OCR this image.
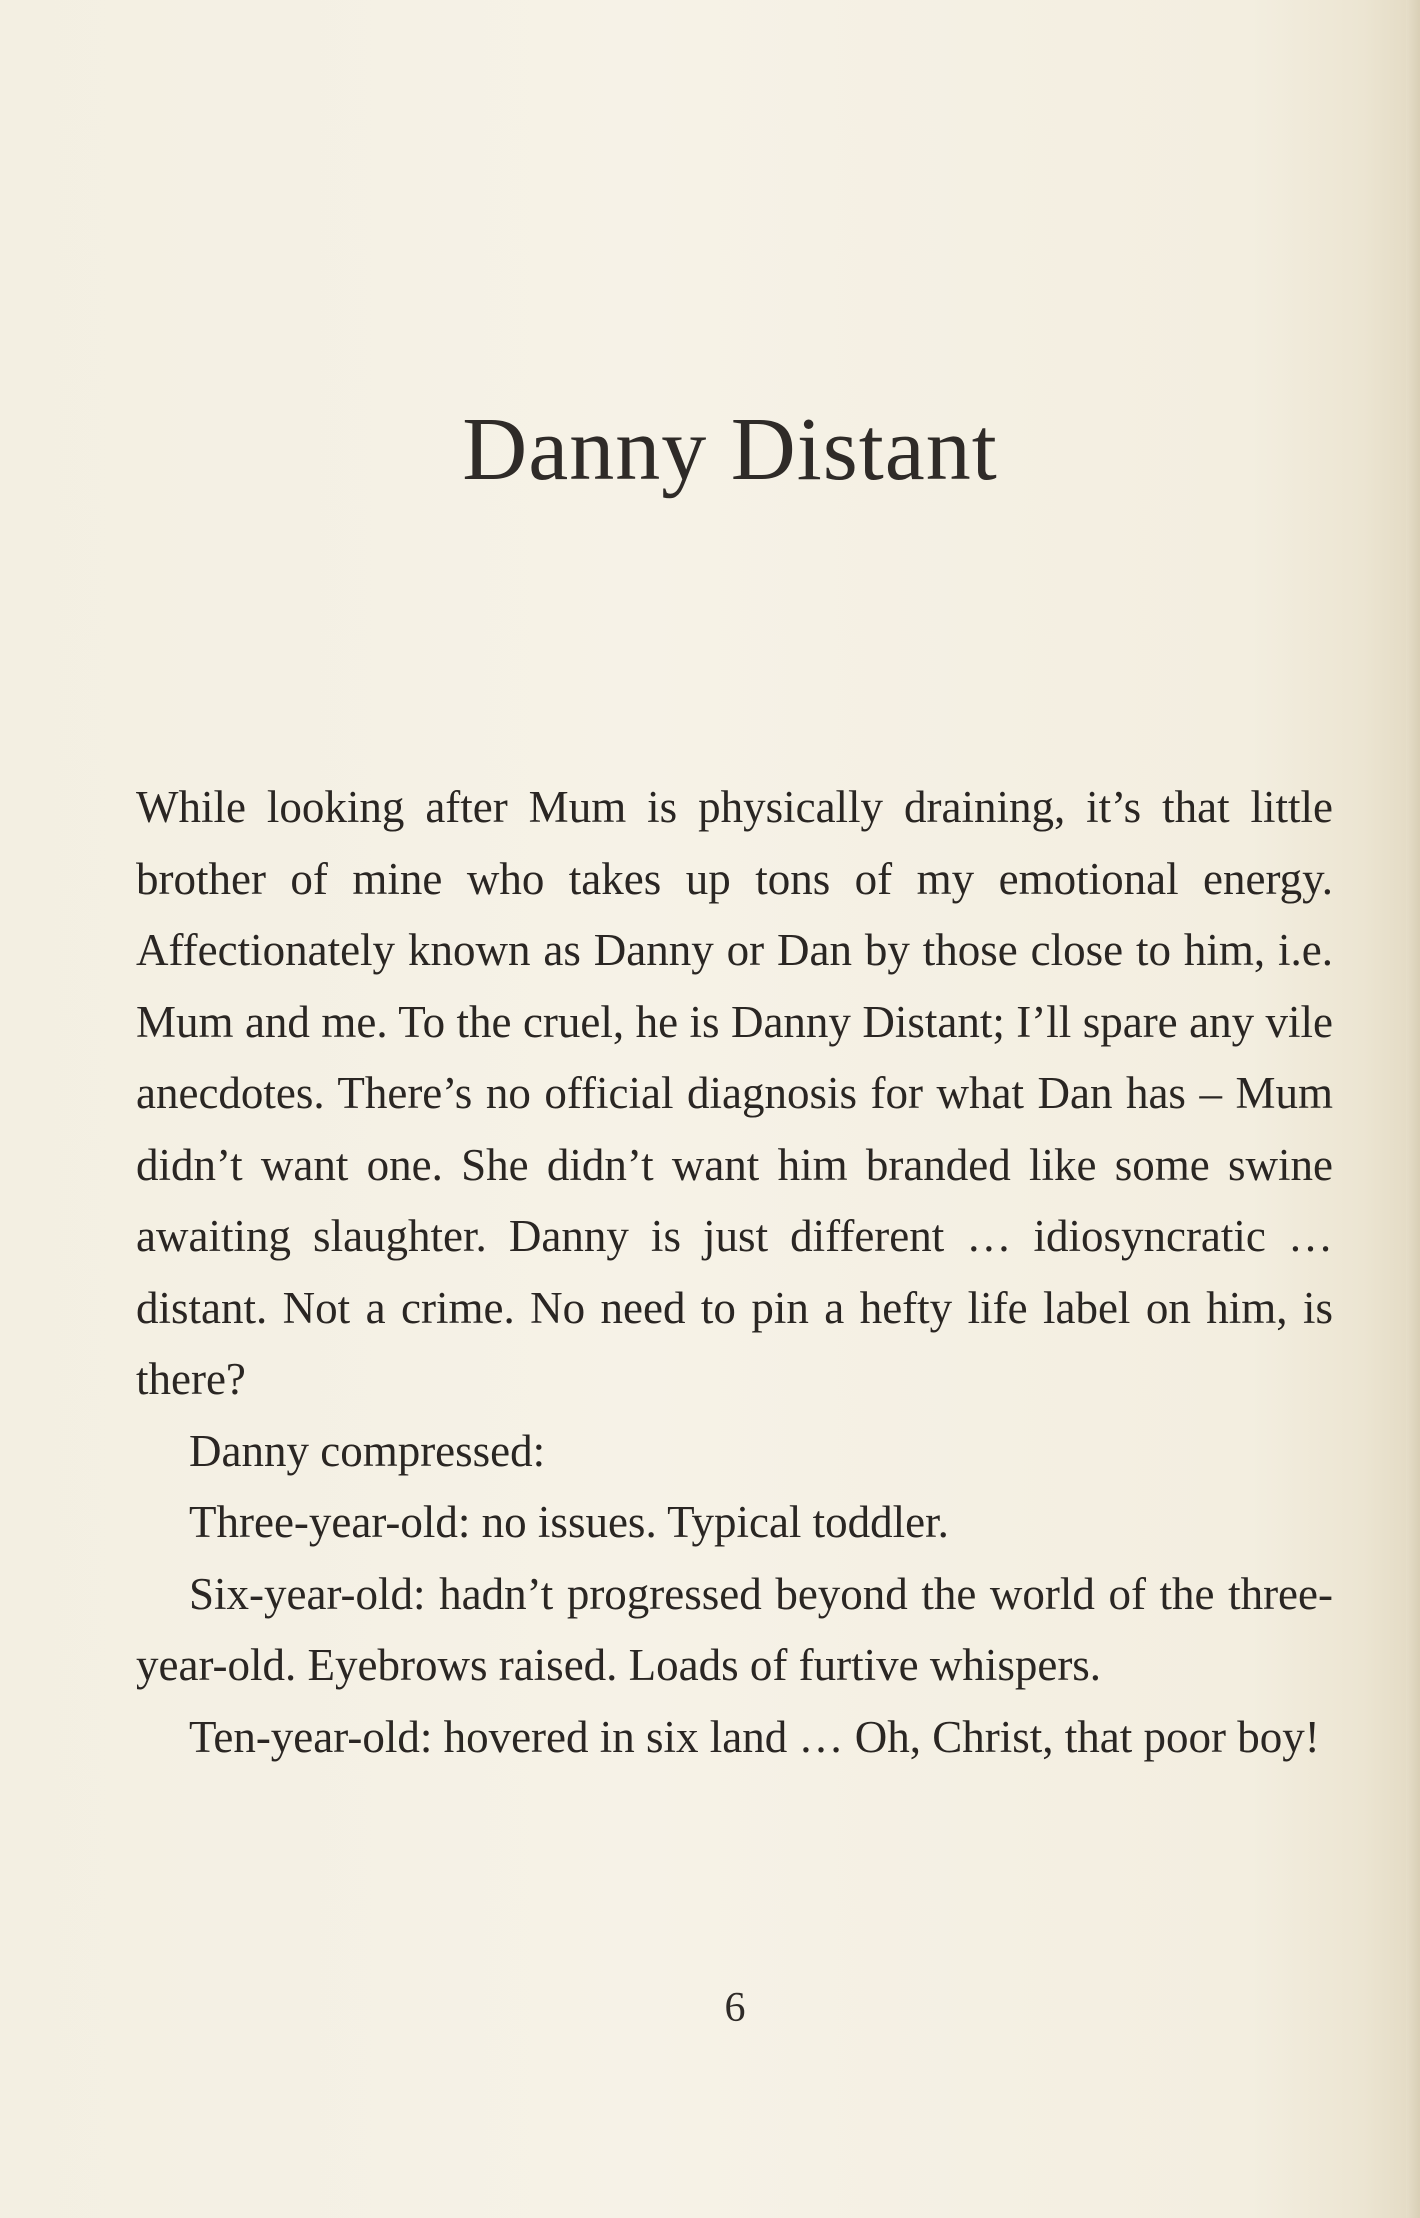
Danny Distant

While looking after Mum is physically draining, it’s that little brother of mine who takes up tons of my emotional energy. Affectionately known as Danny or Dan by those close to him, i.e. Mum and me. To the cruel, he is Danny Distant; I’ll spare any vile anecdotes. There’s no official diagnosis for what Dan has – Mum didn’t want one. She didn’t want him branded like some swine awaiting slaughter. Danny is just different … idiosyncratic … distant. Not a crime. No need to pin a hefty life label on him, is there?

Danny compressed:

Three-year-old: no issues. Typical toddler.

Six-year-old: hadn’t progressed beyond the world of the three-year-old. Eyebrows raised. Loads of furtive whispers.

Ten-year-old: hovered in six land … Oh, Christ, that poor boy!

6
